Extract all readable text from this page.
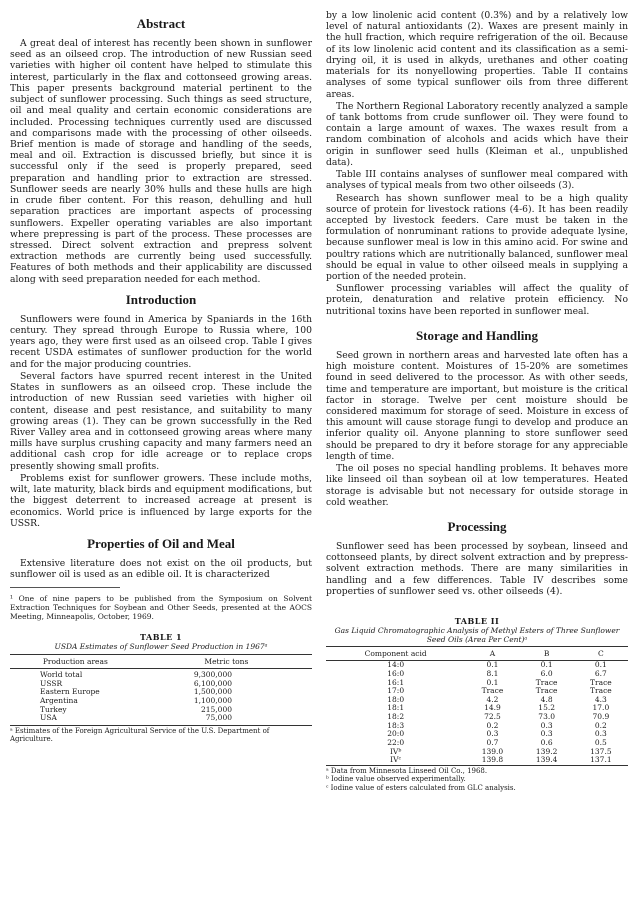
Abstract

A great deal of interest has recently been shown in sunflower seed as an oilseed crop. The introduction of new Russian seed varieties with higher oil content have helped to stimulate this interest, particularly in the flax and cottonseed growing areas. This paper presents background material pertinent to the subject of sunflower processing. Such things as seed structure, oil and meal quality and certain economic considerations are included. Processing techniques currently used are discussed and comparisons made with the processing of other oilseeds. Brief mention is made of storage and handling of the seeds, meal and oil. Extraction is discussed briefly, but since it is successful only if the seed is properly prepared, seed preparation and handling prior to extraction are stressed. Sunflower seeds are nearly 30% hulls and these hulls are high in crude fiber content. For this reason, dehulling and hull separation practices are important aspects of processing sunflowers. Expeller operating variables are also important where prepressing is part of the process. These processes are stressed. Direct solvent extraction and prepress solvent extraction methods are currently being used successfully. Features of both methods and their applicability are discussed along with seed preparation needed for each method.

Introduction

Sunflowers were found in America by Spaniards in the 16th century. They spread through Europe to Russia where, 100 years ago, they were first used as an oilseed crop. Table I gives recent USDA estimates of sunflower production for the world and for the major producing countries.

Several factors have spurred recent interest in the United States in sunflowers as an oilseed crop. These include the introduction of new Russian seed varieties with higher oil content, disease and pest resistance, and suitability to many growing areas (1). They can be grown successfully in the Red River Valley area and in cottonseed growing areas where many mills have surplus crushing capacity and many farmers need an additional cash crop for idle acreage or to replace crops presently showing small profits.

Problems exist for sunflower growers. These include moths, wilt, late maturity, black birds and equipment modifications, but the biggest deterrent to increased acreage at present is economics. World price is influenced by large exports for the USSR.

Properties of Oil and Meal

Extensive literature does not exist on the oil products, but sunflower oil is used as an edible oil. It is characterized

¹ One of nine papers to be published from the Symposium on Solvent Extraction Techniques for Soybean and Other Seeds, presented at the AOCS Meeting, Minneapolis, October, 1969.

TABLE 1
USDA Estimates of Sunflower Seed Production in 1967ᵃ
Production areas	Metric tons
World total	9,300,000
USSR	6,100,000
Eastern Europe	1,500,000
Argentina	1,100,000
Turkey	215,000
USA	75,000
ᵃ Estimates of the Foreign Agricultural Service of the U.S. Department of Agriculture.

by a low linolenic acid content (0.3%) and by a relatively low level of natural antioxidants (2). Waxes are present mainly in the hull fraction, which require refrigeration of the oil. Because of its low linolenic acid content and its classification as a semi-drying oil, it is used in alkyds, urethanes and other coating materials for its nonyellowing properties. Table II contains analyses of some typical sunflower oils from three different areas.

The Northern Regional Laboratory recently analyzed a sample of tank bottoms from crude sunflower oil. They were found to contain a large amount of waxes. The waxes result from a random combination of alcohols and acids which have their origin in sunflower seed hulls (Kleiman et al., unpublished data).

Table III contains analyses of sunflower meal compared with analyses of typical meals from two other oilseeds (3).

Research has shown sunflower meal to be a high quality source of protein for livestock rations (4-6). It has been readily accepted by livestock feeders. Care must be taken in the formulation of nonruminant rations to provide adequate lysine, because sunflower meal is low in this amino acid. For swine and poultry rations which are nutritionally balanced, sunflower meal should be equal in value to other oilseed meals in supplying a portion of the needed protein.

Sunflower processing variables will affect the quality of protein, denaturation and relative protein efficiency. No nutritional toxins have been reported in sunflower meal.

Storage and Handling

Seed grown in northern areas and harvested late often has a high moisture content. Moistures of 15-20% are sometimes found in seed delivered to the processor. As with other seeds, time and temperature are important, but moisture is the critical factor in storage. Twelve per cent moisture should be considered maximum for storage of seed. Moisture in excess of this amount will cause storage fungi to develop and produce an inferior quality oil. Anyone planning to store sunflower seed should be prepared to dry it before storage for any appreciable length of time.

The oil poses no special handling problems. It behaves more like linseed oil than soybean oil at low temperatures. Heated storage is advisable but not necessary for outside storage in cold weather.

Processing

Sunflower seed has been processed by soybean, linseed and cottonseed plants, by direct solvent extraction and by prepress-solvent extraction methods. There are many similarities in handling and a few differences. Table IV describes some properties of sunflower seed vs. other oilseeds (4).

TABLE II
Gas Liquid Chromatographic Analysis of Methyl Esters of Three Sunflower Seed Oils (Area Per Cent)ᵃ
Component acid	A	B	C
14:0	0.1	0.1	0.1
16:0	8.1	6.0	6.7
16:1	0.1	Trace	Trace
17:0	Trace	Trace	Trace
18:0	4.2	4.8	4.3
18:1	14.9	15.2	17.0
18:2	72.5	73.0	70.9
18:3	0.2	0.3	0.2
20:0	0.3	0.3	0.3
22:0	0.7	0.6	0.5
IVᵇ	139.0	139.2	137.5
IVᶜ	139.8	139.4	137.1
ᵃ Data from Minnesota Linseed Oil Co., 1968.
ᵇ Iodine value observed experimentally.
ᶜ Iodine value of esters calculated from GLC analysis.
